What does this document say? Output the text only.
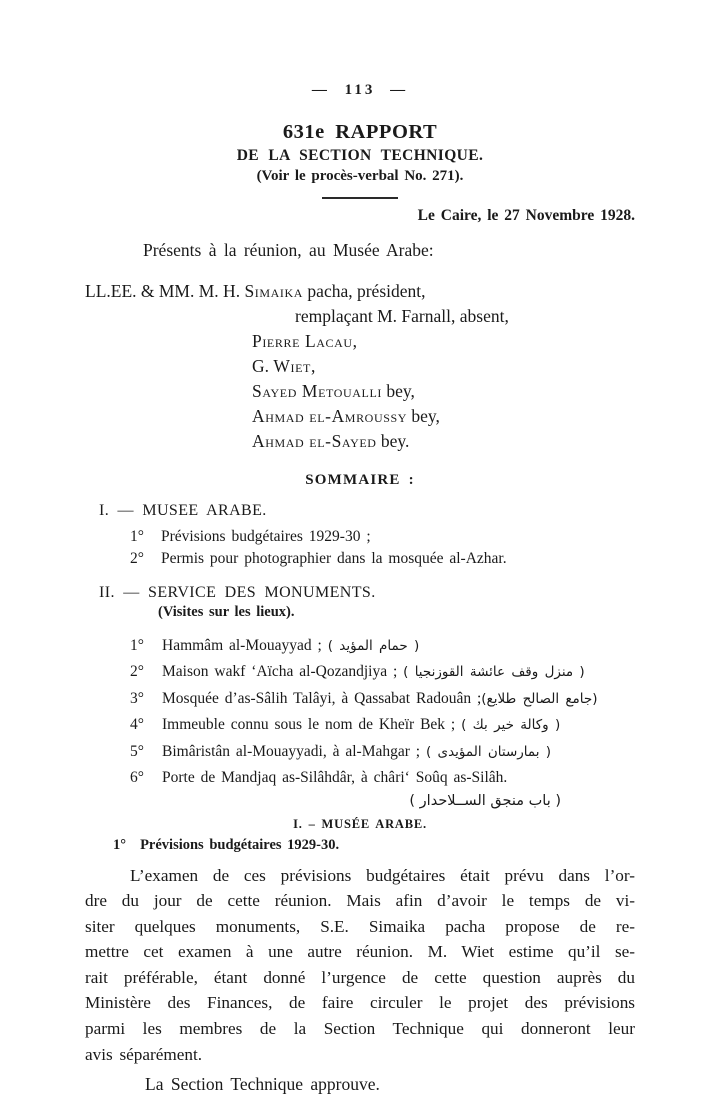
— 113 —
631e RAPPORT
DE LA SECTION TECHNIQUE.
(Voir le procès-verbal No. 271).
Le Caire, le 27 Novembre 1928.

Présents à la réunion, au Musée Arabe:

LL.EE. & MM. M. H. Simaika pacha, président,
remplaçant M. Farnall, absent,
Pierre Lacau,
G. Wiet,
Sayed Metoualli bey,
Ahmad el-Amroussy bey,
Ahmad el-Sayed bey.
SOMMAIRE :
I. — MUSEE ARABE.
1° Prévisions budgétaires 1929-30 ;
2° Permis pour photographier dans la mosquée al-Azhar.
II. — SERVICE DES MONUMENTS.
(Visites sur les lieux).
1° Hammâm al-Mouayyad ; ( حمام المؤيد )
2° Maison wakf ‘Aïcha al-Qozandjiya ; ( منزل وقف عائشة القوزنجيا )
3° Mosquée d’as-Sâlih Talâyi, à Qassabat Radouân ;(جامع الصالح طلايع)
4° Immeuble connu sous le nom de Kheïr Bek ; ( وكالة خير بك )
5° Bimâristân al-Mouayyadi, à al-Mahgar ; ( بمارستان المؤيدى )
6° Porte de Mandjaq as-Silâhdâr, à châri‘ Soûq as-Silâh.
( باب منجق الســلاحدار )
I. – MUSÉE ARABE.
1° Prévisions budgétaires 1929-30.
L’examen de ces prévisions budgétaires était prévu dans l’or-
dre du jour de cette réunion. Mais afin d’avoir le temps de vi-
siter quelques monuments, S.E. Simaika pacha propose de re-
mettre cet examen à une autre réunion. M. Wiet estime qu’il se-
rait préférable, étant donné l’urgence de cette question auprès du
Ministère des Finances, de faire circuler le projet des prévisions
parmi les membres de la Section Technique qui donneront leur
avis séparément.

La Section Technique approuve.
